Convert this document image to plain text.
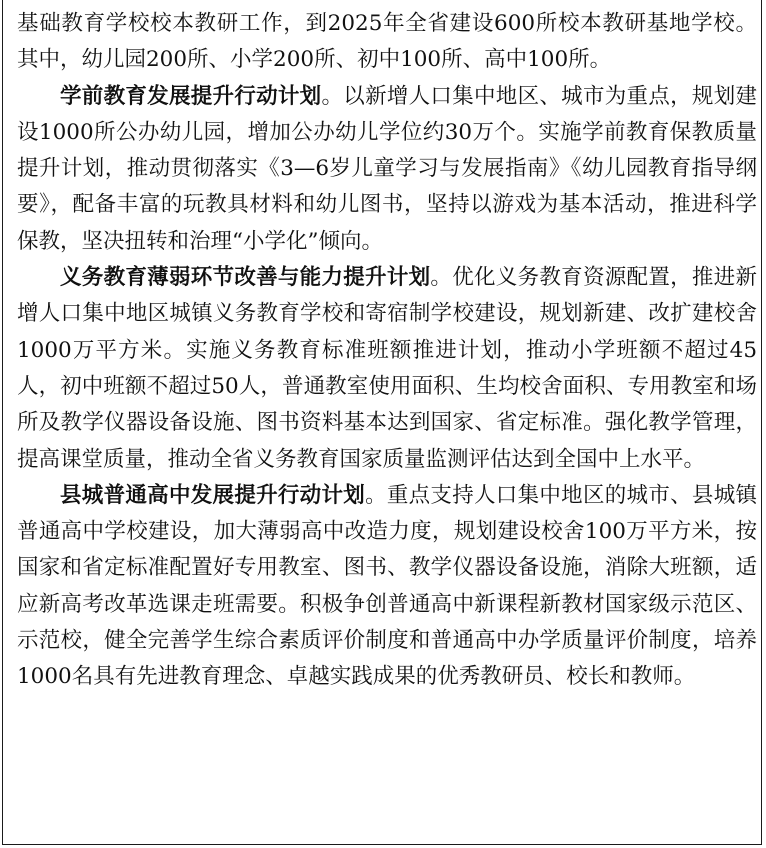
基础教育学校校本教研工作，到2025年全省建设600所校本教研基地学校。其中，幼儿园200所、小学200所、初中100所、高中100所。

学前教育发展提升行动计划。以新增人口集中地区、城市为重点，规划建设1000所公办幼儿园，增加公办幼儿学位约30万个。实施学前教育保教质量提升计划，推动贯彻落实《3—6岁儿童学习与发展指南》《幼儿园教育指导纲要》，配备丰富的玩教具材料和幼儿图书，坚持以游戏为基本活动，推进科学保教，坚决扭转和治理“小学化”倾向。

义务教育薄弱环节改善与能力提升计划。优化义务教育资源配置，推进新增人口集中地区城镇义务教育学校和寄宿制学校建设，规划新建、改扩建校舍1000万平方米。实施义务教育标准班额推进计划，推动小学班额不超过45人，初中班额不超过50人，普通教室使用面积、生均校舍面积、专用教室和场所及教学仪器设备设施、图书资料基本达到国家、省定标准。强化教学管理，提高课堂质量，推动全省义务教育国家质量监测评估达到全国中上水平。

县城普通高中发展提升行动计划。重点支持人口集中地区的城市、县城镇普通高中学校建设，加大薄弱高中改造力度，规划建设校舍100万平方米，按国家和省定标准配置好专用教室、图书、教学仪器设备设施，消除大班额，适应新高考改革选课走班需要。积极争创普通高中新课程新教材国家级示范区、示范校，健全完善学生综合素质评价制度和普通高中办学质量评价制度，培养1000名具有先进教育理念、卓越实践成果的优秀教研员、校长和教师。
